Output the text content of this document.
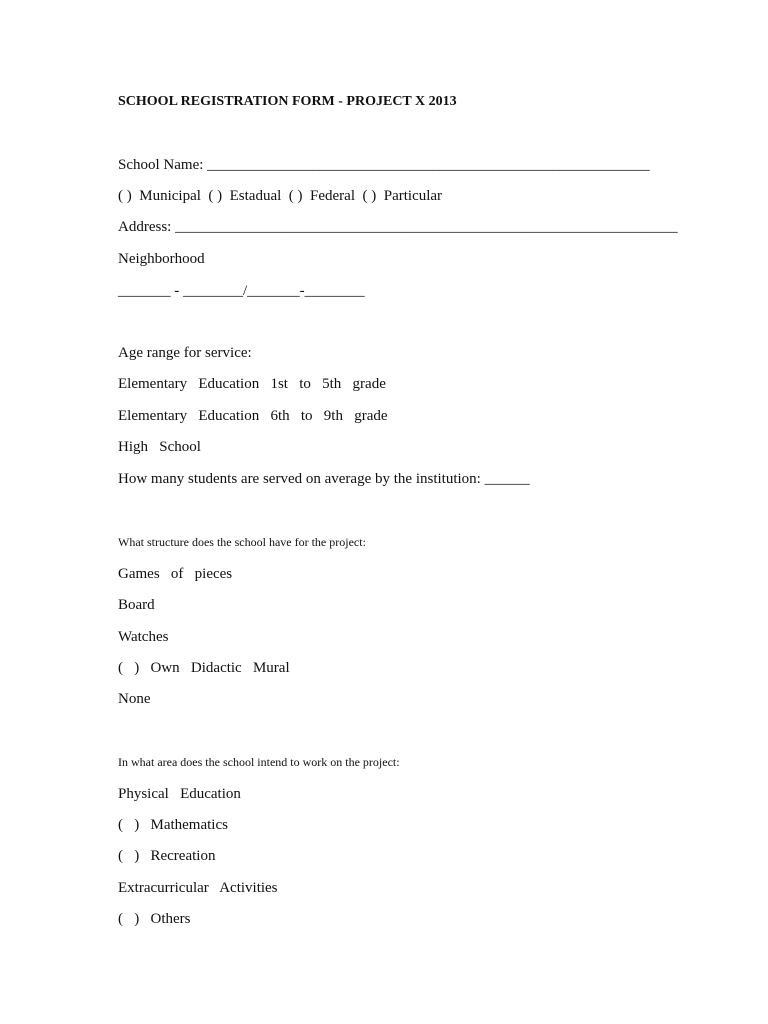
SCHOOL REGISTRATION FORM - PROJECT X 2013
School Name: ___________________________________________________________
( )  Municipal  ( )  Estadual  ( )  Federal  ( )  Particular
Address: ___________________________________________________________________
Neighborhood
_______ - ________/_______-________
Age range for service:
Elementary   Education   1st   to   5th   grade
Elementary   Education   6th   to   9th   grade
High   School
How many students are served on average by the institution: ______
What structure does the school have for the project:
Games   of   pieces
Board
Watches
(   )   Own   Didactic   Mural
None
In what area does the school intend to work on the project:
Physical   Education
(   )   Mathematics
(   )   Recreation
Extracurricular   Activities
(   )   Others
